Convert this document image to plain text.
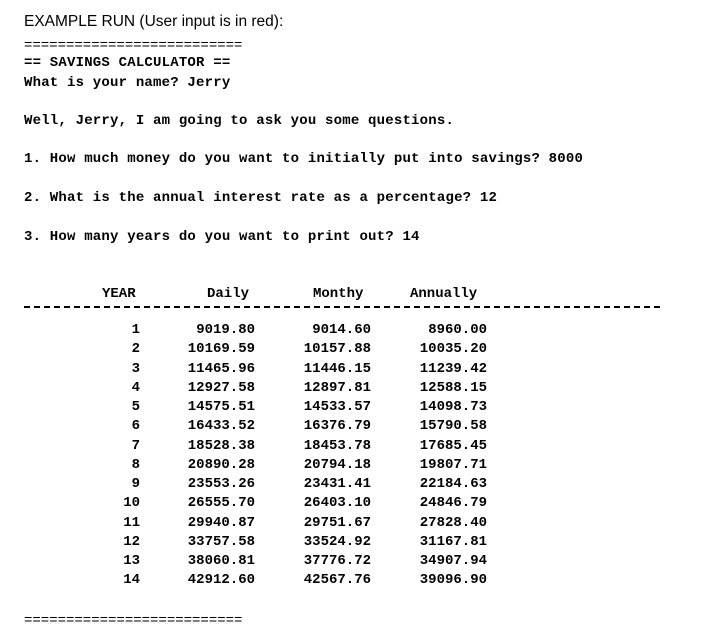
EXAMPLE RUN (User input is in red):
==========================
== SAVINGS CALCULATOR ==
What is your name? Jerry
Well, Jerry, I am going to ask you some questions.
1. How much money do you want to initially put into savings? 8000
2. What is the annual interest rate as a percentage? 12
3. How many years do you want to print out? 14
YEAR	Daily	Monthy	Annually
1	9019.80	9014.60	8960.00
2	10169.59	10157.88	10035.20
3	11465.96	11446.15	11239.42
4	12927.58	12897.81	12588.15
5	14575.51	14533.57	14098.73
6	16433.52	16376.79	15790.58
7	18528.38	18453.78	17685.45
8	20890.28	20794.18	19807.71
9	23553.26	23431.41	22184.63
10	26555.70	26403.10	24846.79
11	29940.87	29751.67	27828.40
12	33757.58	33524.92	31167.81
13	38060.81	37776.72	34907.94
14	42912.60	42567.76	39096.90
==========================
